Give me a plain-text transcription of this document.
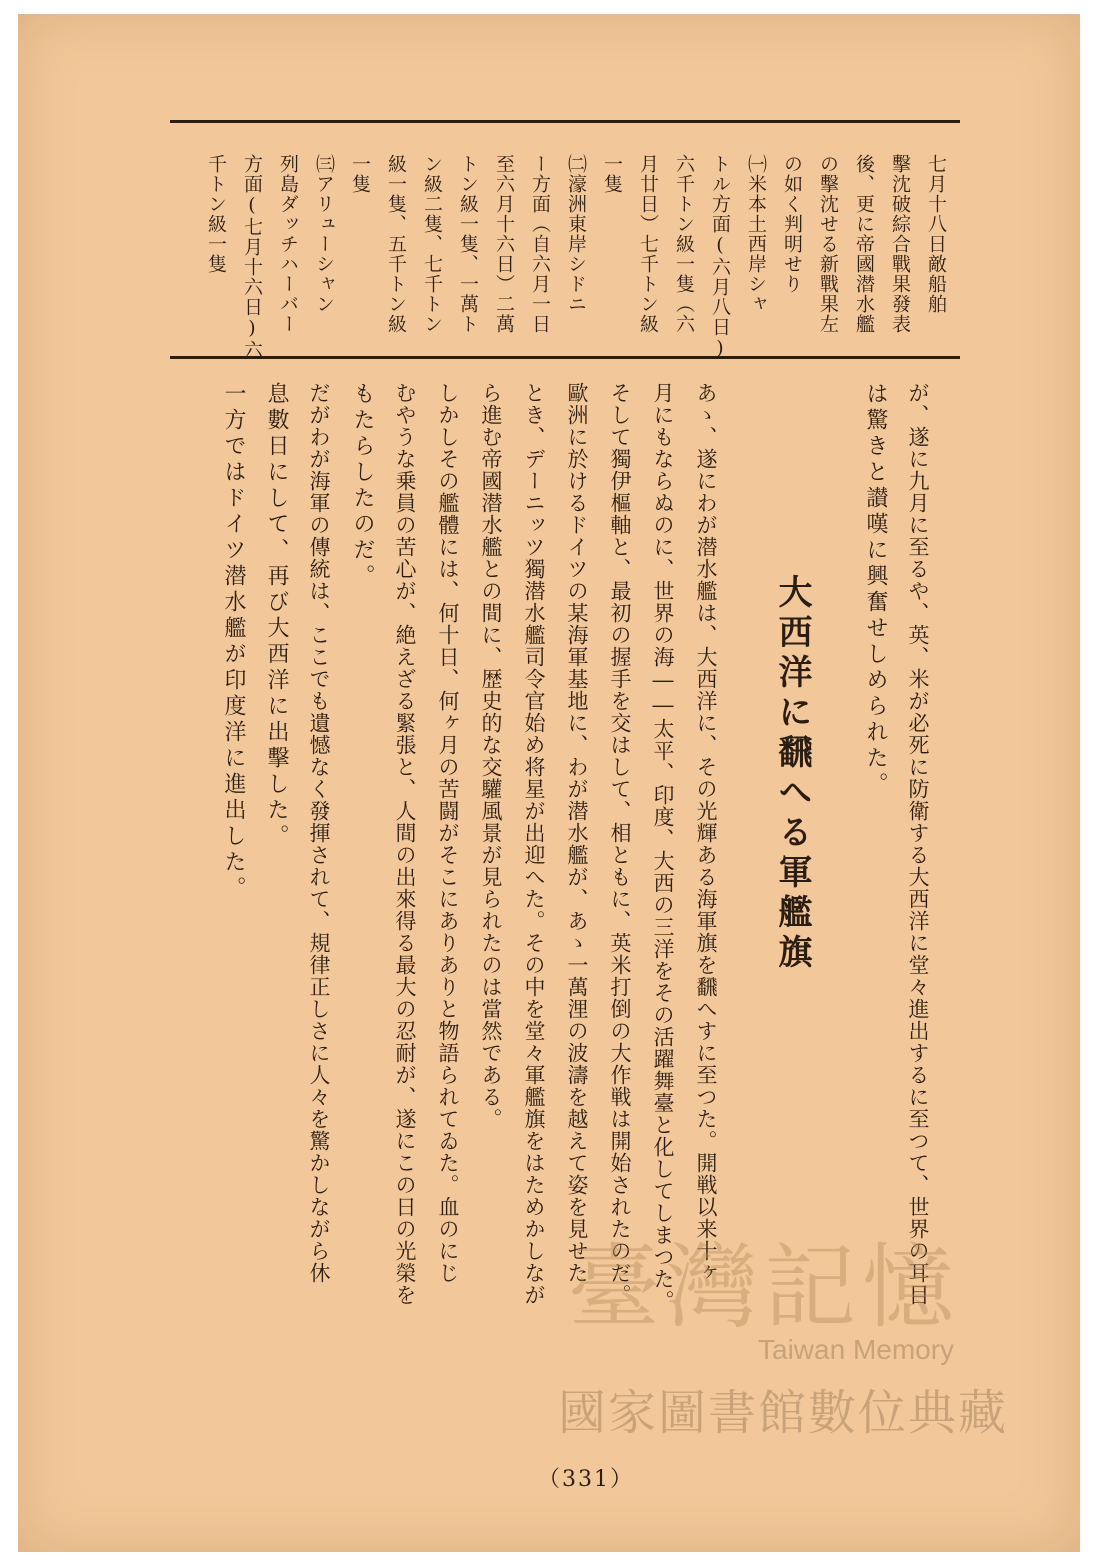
七月十八日敵船舶
擊沈破綜合戰果發表
後、更に帝國潜水艦
の擊沈せる新戰果左
の如く判明せり
㈠米本土西岸シャ
トル方面(六月八日)
六千トン級一隻（六
月廿日）七千トン級
一隻
㈡濠洲東岸シドニ
ー方面（自六月一日
至六月十六日）二萬
トン級一隻、一萬ト
ン級二隻、七千トン
級一隻、五千トン級
一隻
㈢アリューシャン
列島ダッチハーバー
方面(七月十六日)六
千トン級一隻
が、遂に九月に至るや、英、米が必死に防衛する大西洋に堂々進出するに至つて、世界の耳目
は驚きと讃嘆に興奮せしめられた。
大西洋に飜へる軍艦旗
あゝ、遂にわが潜水艦は、大西洋に、その光輝ある海軍旗を飜へすに至つた。開戦以来十ヶ
月にもならぬのに、世界の海――太平、印度、大西の三洋をその活躍舞臺と化してしまつた。
そして獨伊樞軸と、最初の握手を交はして、相ともに、英米打倒の大作戦は開始されたのだ。
歐洲に於けるドイツの某海軍基地に、わが潜水艦が、あゝ一萬浬の波濤を越えて姿を見せた
とき、デーニッツ獨潜水艦司令官始め将星が出迎へた。その中を堂々軍艦旗をはためかしなが
ら進む帝國潜水艦との間に、歴史的な交驩風景が見られたのは當然である。
しかしその艦體には、何十日、何ヶ月の苦闘がそこにありありと物語られてゐた。血のにじ
むやうな乗員の苦心が、絶えざる緊張と、人間の出來得る最大の忍耐が、遂にこの日の光榮を
もたらしたのだ。
だがわが海軍の傳統は、ここでも遺憾なく發揮されて、規律正しさに人々を驚かしながら休
息數日にして、再び大西洋に出擊した。
一方ではドイツ潜水艦が印度洋に進出した。
臺灣記憶
Taiwan Memory
國家圖書館數位典藏
（331）
